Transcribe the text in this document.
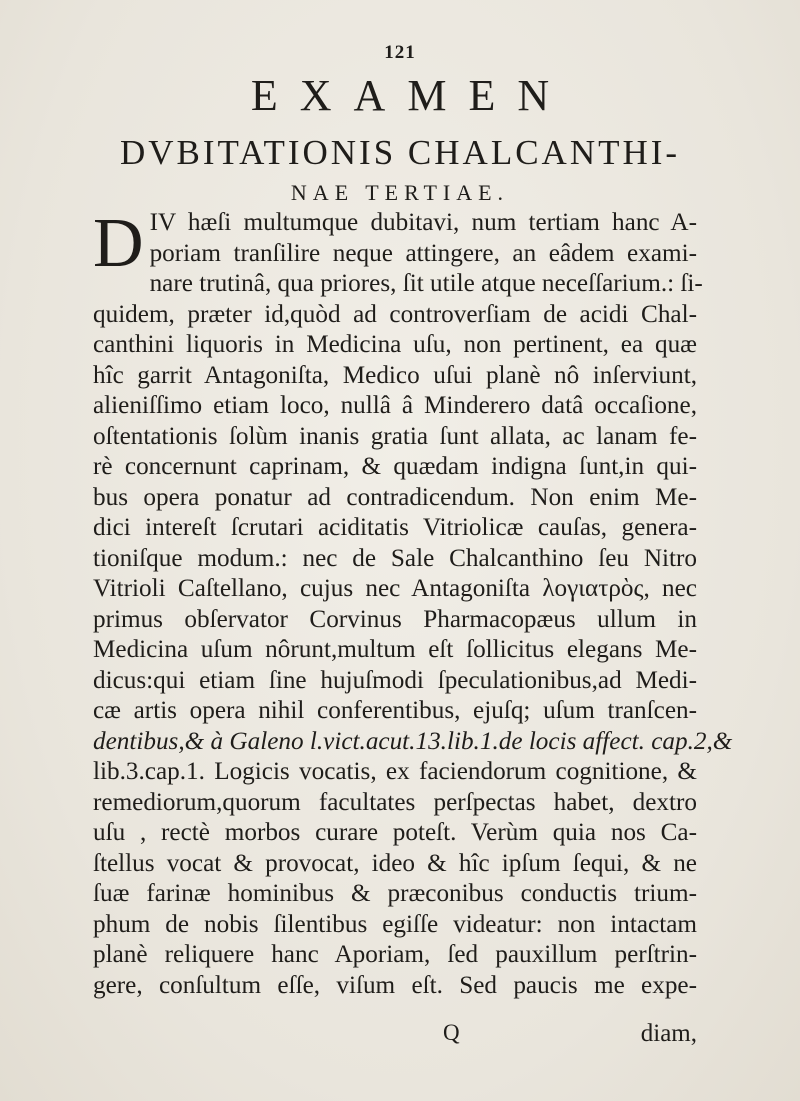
121
EXAMEN
DVBITATIONIS CHALCANTHI-
NAE TERTIAE.
D IV hæſi multumque dubitavi, num tertiam hanc A-
poriam tranſilire neque attingere, an eâdem exami-
nare trutinâ, qua priores, ſit utile atque neceſſarium.: ſi-
quidem, præter id,quòd ad controverſiam de acidi Chal-
canthini liquoris in Medicina uſu, non pertinent, ea quæ
hîc garrit Antagoniſta, Medico uſui planè nô inſerviunt,
alieniſſimo etiam loco, nullâ â Minderero datâ occaſione,
oſtentationis ſolùm inanis gratia ſunt allata, ac lanam fe-
rè concernunt caprinam, & quædam indigna ſunt,in qui-
bus opera ponatur ad contradicendum. Non enim Me-
dici intereſt ſcrutari aciditatis Vitriolicæ cauſas, genera-
tioniſque modum.: nec de Sale Chalcanthino ſeu Nitro
Vitrioli Caſtellano, cujus nec Antagoniſta λογιατρὸς, nec
primus obſervator Corvinus Pharmacopæus ullum in
Medicina uſum nôrunt,multum eſt ſollicitus elegans Me-
dicus:qui etiam ſine hujuſmodi ſpeculationibus,ad Medi-
cæ artis opera nihil conferentibus, ejuſq; uſum tranſcen-
dentibus,& à Galeno l.vict.acut.13.lib.1.de locis affect. cap.2,&
lib.3.cap.1. Logicis vocatis, ex faciendorum cognitione, &
remediorum,quorum facultates perſpectas habet, dextro
uſu , rectè morbos curare poteſt. Verùm quia nos Ca-
ſtellus vocat & provocat, ideo & hîc ipſum ſequi, & ne
ſuæ farinæ hominibus & præconibus conductis trium-
phum de nobis ſilentibus egiſſe videatur: non intactam
planè reliquere hanc Aporiam, ſed pauxillum perſtrin-
gere, conſultum eſſe, viſum eſt. Sed paucis me expe-
Q	diam,
